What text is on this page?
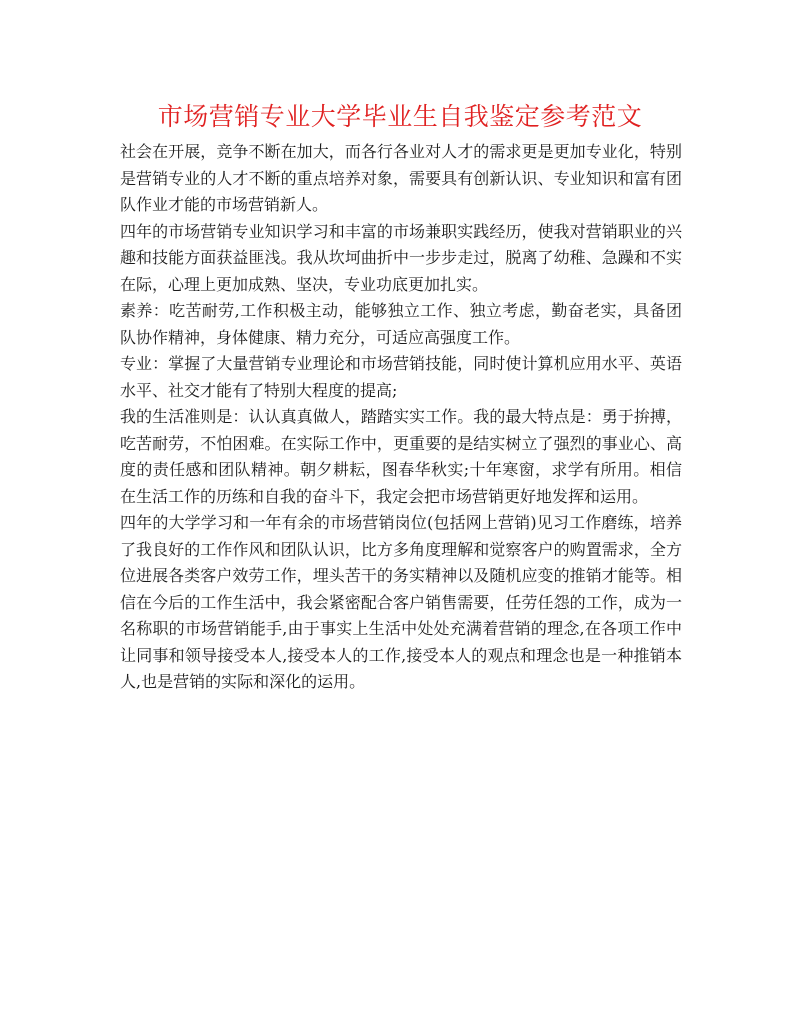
市场营销专业大学毕业生自我鉴定参考范文

社会在开展，竞争不断在加大，而各行各业对人才的需求更是更加专业化，特别是营销专业的人才不断的重点培养对象，需要具有创新认识、专业知识和富有团队作业才能的市场营销新人。

四年的市场营销专业知识学习和丰富的市场兼职实践经历，使我对营销职业的兴趣和技能方面获益匪浅。我从坎坷曲折中一步步走过，脱离了幼稚、急躁和不实在际，心理上更加成熟、坚决，专业功底更加扎实。

素养：吃苦耐劳,工作积极主动，能够独立工作、独立考虑，勤奋老实，具备团队协作精神，身体健康、精力充分，可适应高强度工作。

专业：掌握了大量营销专业理论和市场营销技能，同时使计算机应用水平、英语水平、社交才能有了特别大程度的提高;

我的生活准则是：认认真真做人，踏踏实实工作。我的最大特点是：勇于拚搏，吃苦耐劳，不怕困难。在实际工作中，更重要的是结实树立了强烈的事业心、高度的责任感和团队精神。朝夕耕耘，图春华秋实;十年寒窗，求学有所用。相信在生活工作的历练和自我的奋斗下，我定会把市场营销更好地发挥和运用。

四年的大学学习和一年有余的市场营销岗位(包括网上营销)见习工作磨练，培养了我良好的工作作风和团队认识，比方多角度理解和觉察客户的购置需求，全方位进展各类客户效劳工作，埋头苦干的务实精神以及随机应变的推销才能等。相信在今后的工作生活中，我会紧密配合客户销售需要，任劳任怨的工作，成为一名称职的市场营销能手,由于事实上生活中处处充满着营销的理念,在各项工作中让同事和领导接受本人,接受本人的工作,接受本人的观点和理念也是一种推销本人,也是营销的实际和深化的运用。
